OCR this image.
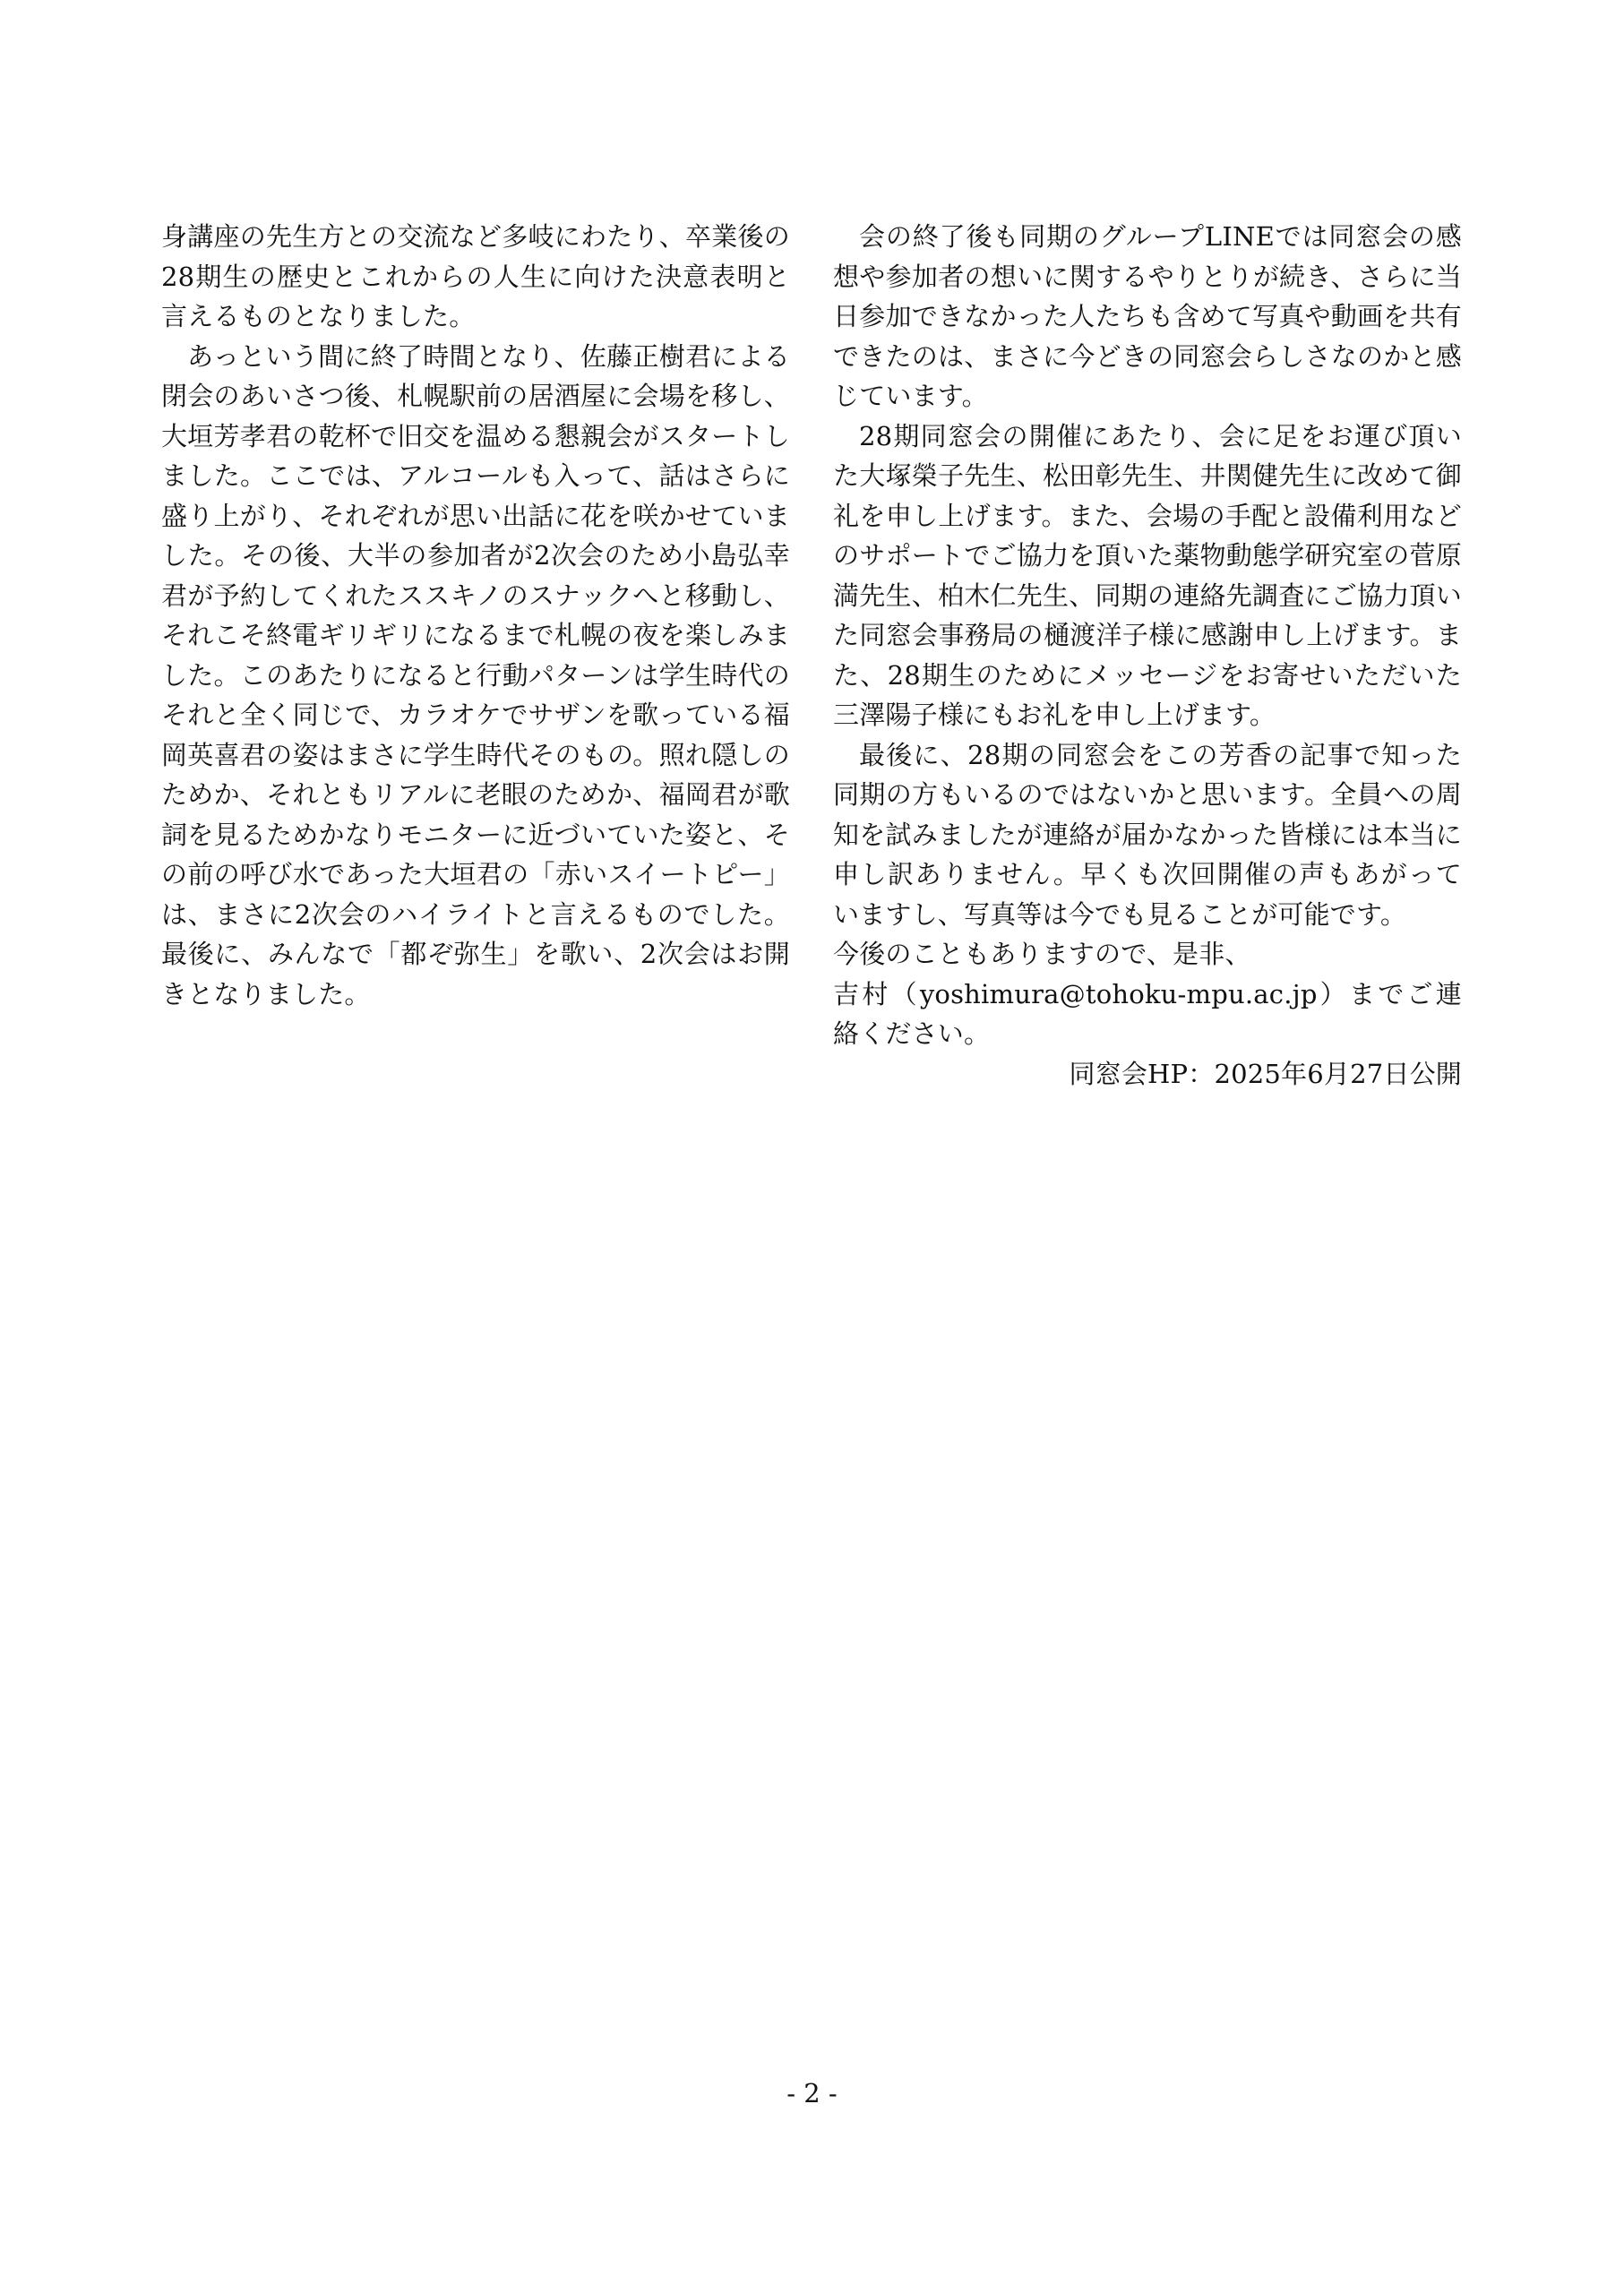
身講座の先生方との交流など多岐にわたり、卒業後の28期生の歴史とこれからの人生に向けた決意表明と言えるものとなりました。

あっという間に終了時間となり、佐藤正樹君による閉会のあいさつ後、札幌駅前の居酒屋に会場を移し、大垣芳孝君の乾杯で旧交を温める懇親会がスタートしました。ここでは、アルコールも入って、話はさらに盛り上がり、それぞれが思い出話に花を咲かせていました。その後、大半の参加者が2次会のため小島弘幸君が予約してくれたススキノのスナックへと移動し、それこそ終電ギリギリになるまで札幌の夜を楽しみました。このあたりになると行動パターンは学生時代のそれと全く同じで、カラオケでサザンを歌っている福岡英喜君の姿はまさに学生時代そのもの。照れ隠しのためか、それともリアルに老眼のためか、福岡君が歌詞を見るためかなりモニターに近づいていた姿と、その前の呼び水であった大垣君の「赤いスイートピー」は、まさに2次会のハイライトと言えるものでした。最後に、みんなで「都ぞ弥生」を歌い、2次会はお開きとなりました。

会の終了後も同期のグループLINEでは同窓会の感想や参加者の想いに関するやりとりが続き、さらに当日参加できなかった人たちも含めて写真や動画を共有できたのは、まさに今どきの同窓会らしさなのかと感じています。

28期同窓会の開催にあたり、会に足をお運び頂いた大塚榮子先生、松田彰先生、井関健先生に改めて御礼を申し上げます。また、会場の手配と設備利用などのサポートでご協力を頂いた薬物動態学研究室の菅原満先生、柏木仁先生、同期の連絡先調査にご協力頂いた同窓会事務局の樋渡洋子様に感謝申し上げます。また、28期生のためにメッセージをお寄せいただいた三澤陽子様にもお礼を申し上げます。

最後に、28期の同窓会をこの芳香の記事で知った同期の方もいるのではないかと思います。全員への周知を試みましたが連絡が届かなかった皆様には本当に申し訳ありません。早くも次回開催の声もあがっていますし、写真等は今でも見ることが可能です。

今後のこともありますので、是非、

吉村（yoshimura@tohoku-mpu.ac.jp）までご連絡ください。

同窓会HP：2025年6月27日公開

- 2 -
